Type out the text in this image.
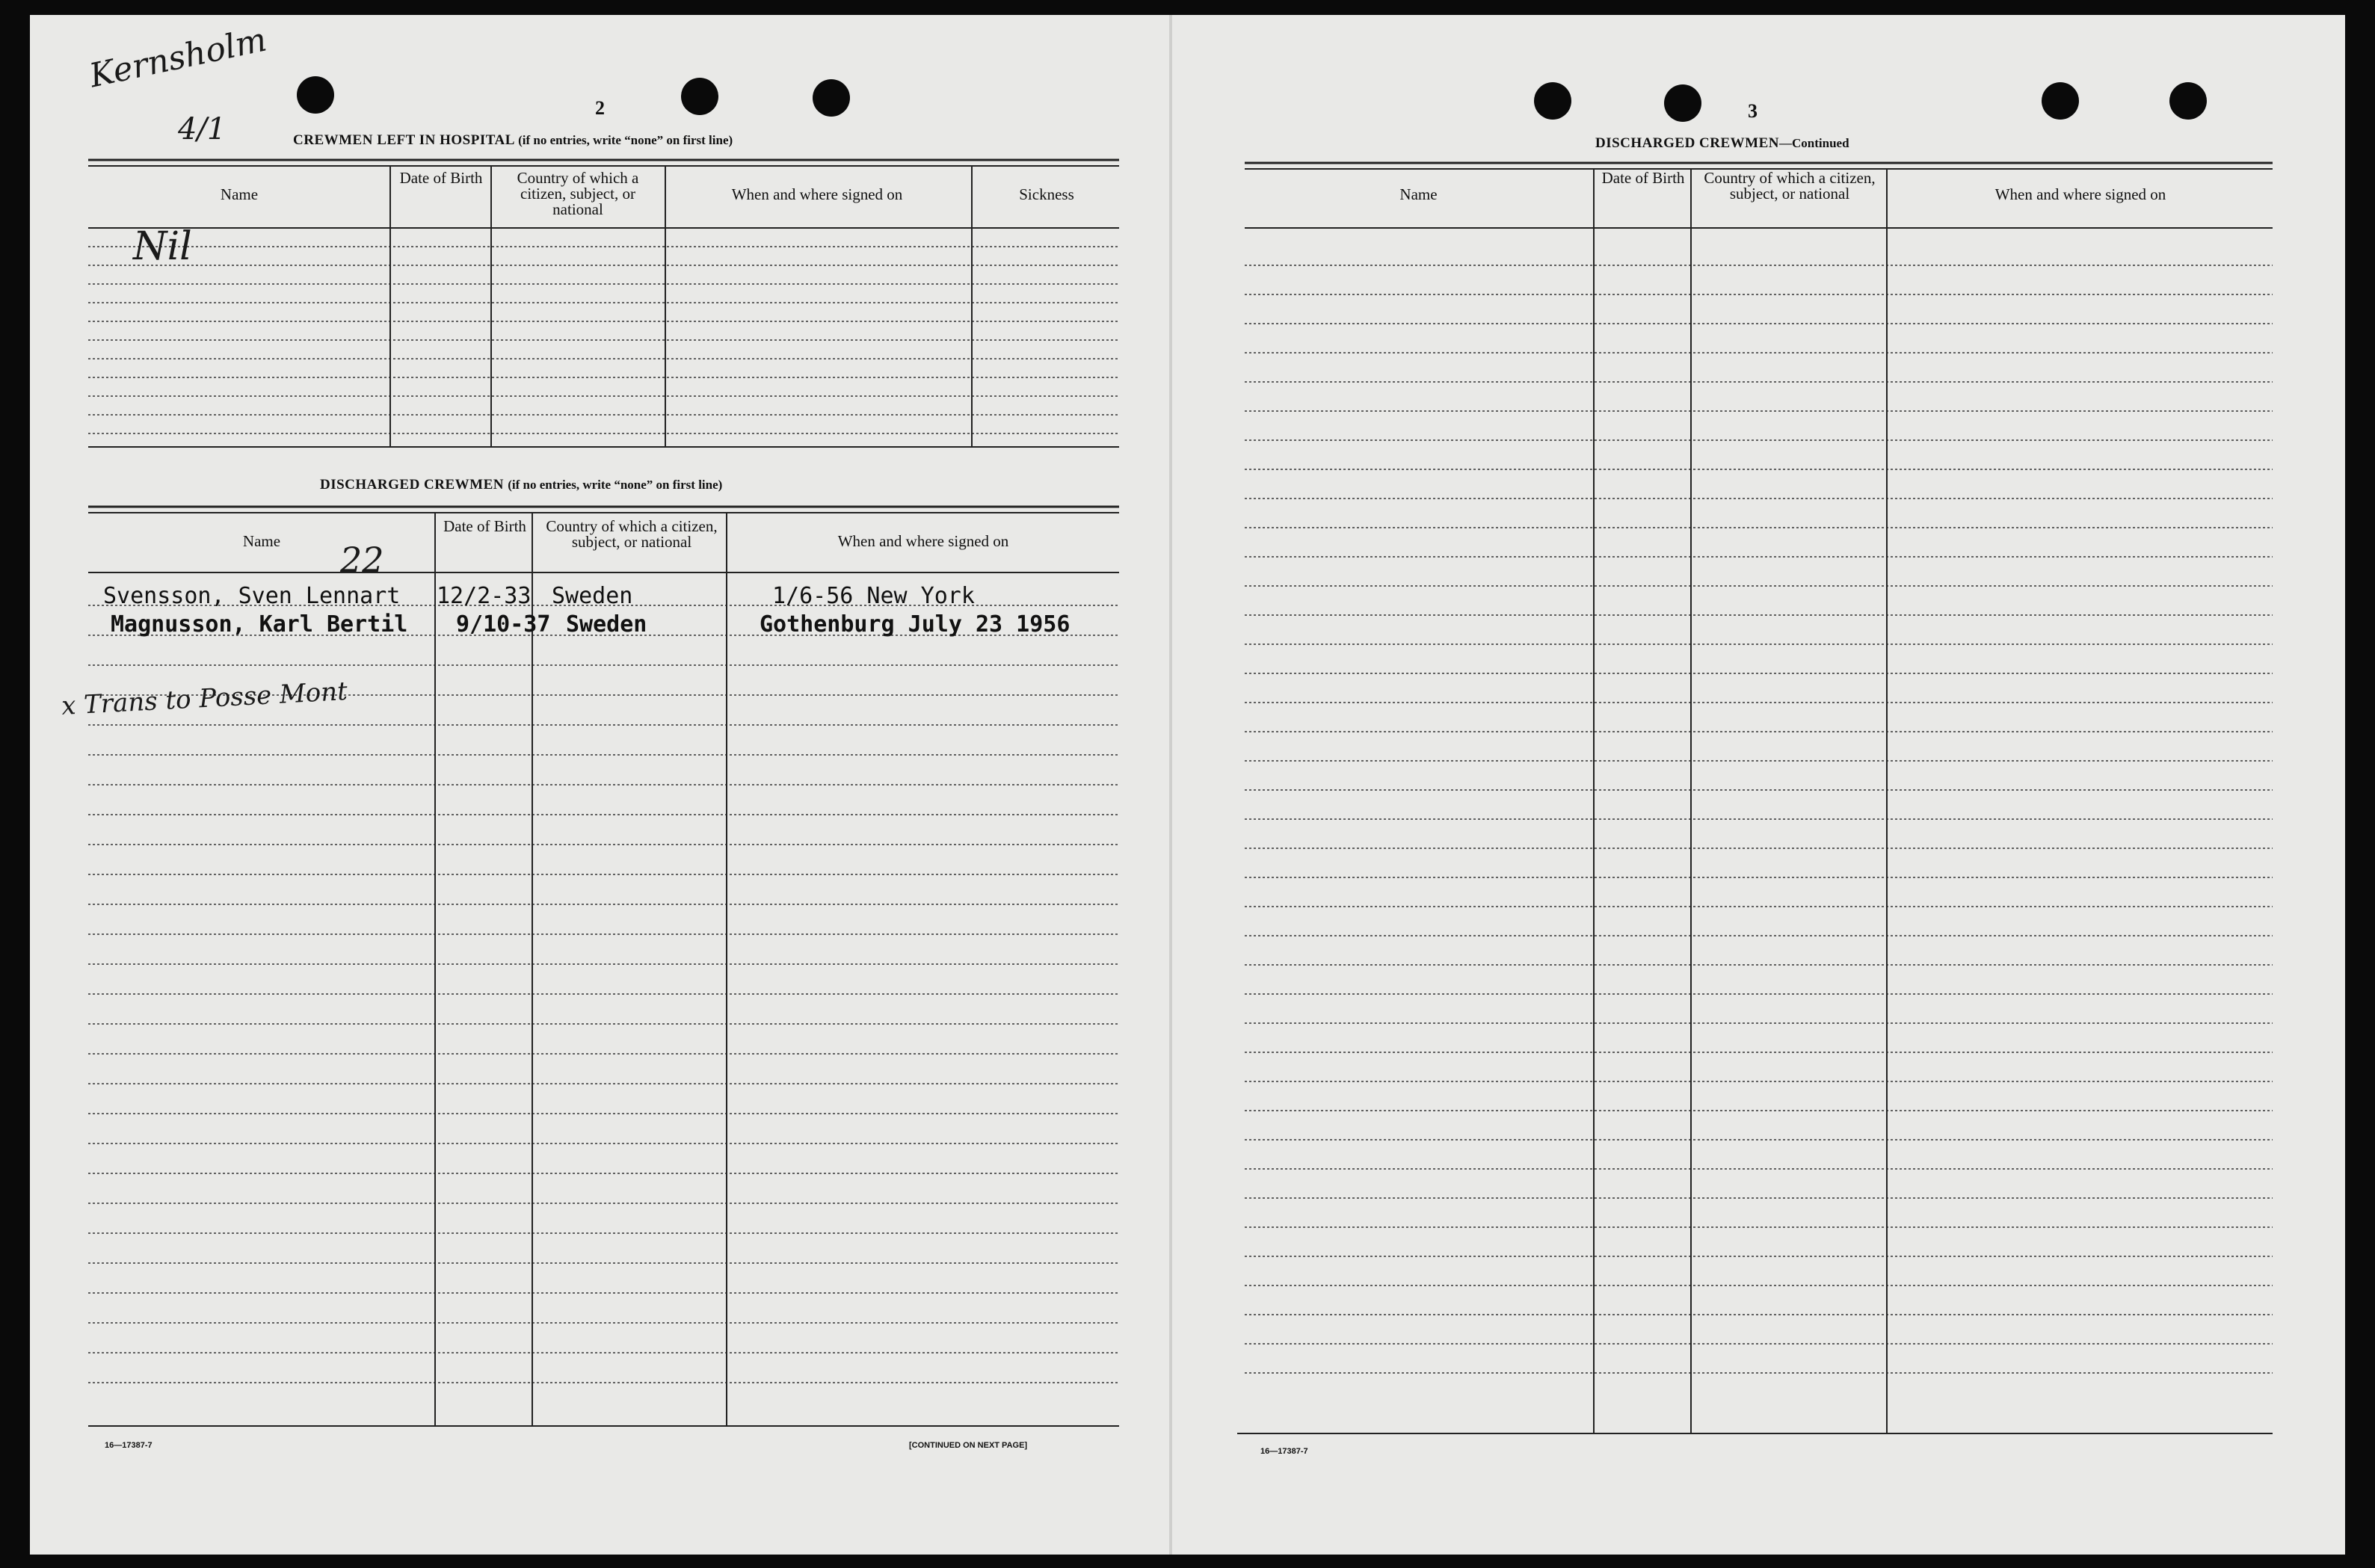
Kernsholm
4/1
2
CREWMEN LEFT IN HOSPITAL (if no entries, write “none” on first line)
Name
Date of Birth	Country of which a citizen, subject, or national
When and where signed on	Sickness
Nil
DISCHARGED CREWMEN (if no entries, write “none” on first line)
Name
Date of Birth	Country of which a citizen, subject, or national	When and where signed on
22
Svensson, Sven Lennart 12/2-33 Sweden	1/6-56 New York
Magnusson, Karl Bertil 9/10-37 Sweden	Gothenburg July 23 1956
x Trans to Posse Mont
16—17387-7	[CONTINUED ON NEXT PAGE]
3
DISCHARGED CREWMEN—Continued
Name
Date of Birth	Country of which a citizen, subject, or national	When and where signed on
16—17387-7
